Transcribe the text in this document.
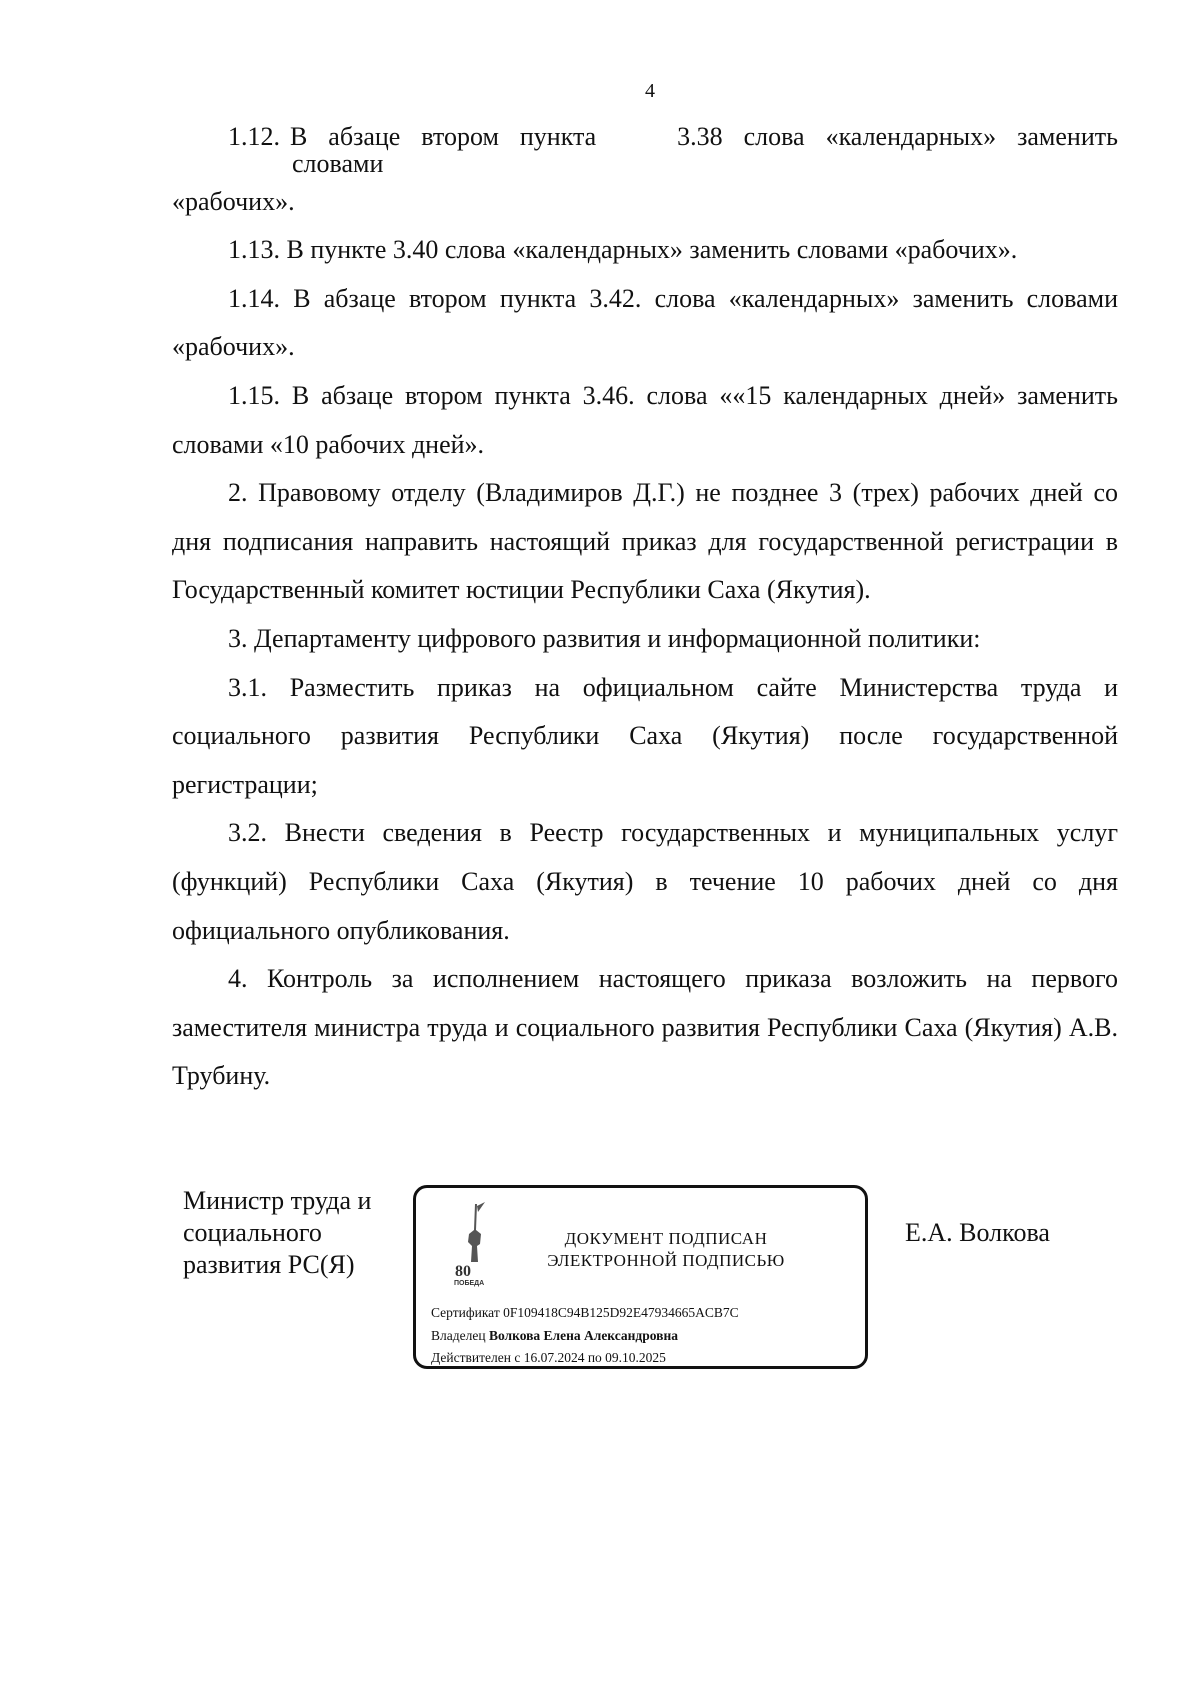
4
1.12. В абзаце втором пункта	3.38 слова «календарных» заменить
словами

«рабочих».

1.13. В пункте 3.40 слова «календарных» заменить словами «рабочих».

1.14. В абзаце втором пункта 3.42. слова «календарных» заменить словами «рабочих».

1.15. В абзаце втором пункта 3.46. слова ««15 календарных дней» заменить словами «10 рабочих дней».

2. Правовому отделу (Владимиров Д.Г.) не позднее 3 (трех) рабочих дней со дня подписания направить настоящий приказ для государственной регистрации в Государственный комитет юстиции Республики Саха (Якутия).

3. Департаменту цифрового развития и информационной политики:

3.1. Разместить приказ на официальном сайте Министерства труда и социального развития Республики Саха (Якутия) после государственной регистрации;

3.2. Внести сведения в Реестр государственных и муниципальных услуг (функций) Республики Саха (Якутия) в течение 10 рабочих дней со дня официального опубликования.

4. Контроль за исполнением настоящего приказа возложить на первого заместителя министра труда и социального развития Республики Саха (Якутия) А.В. Трубину.

Министр труда и
социального
развития РС(Я)	80
ПОБЕДА
ДОКУМЕНТ ПОДПИСАН
ЭЛЕКТРОННОЙ ПОДПИСЬЮ
Сертификат 0F109418C94B125D92E47934665ACB7C
Владелец Волкова Елена Александровна
Действителен с 16.07.2024 по 09.10.2025
Е.А. Волкова
